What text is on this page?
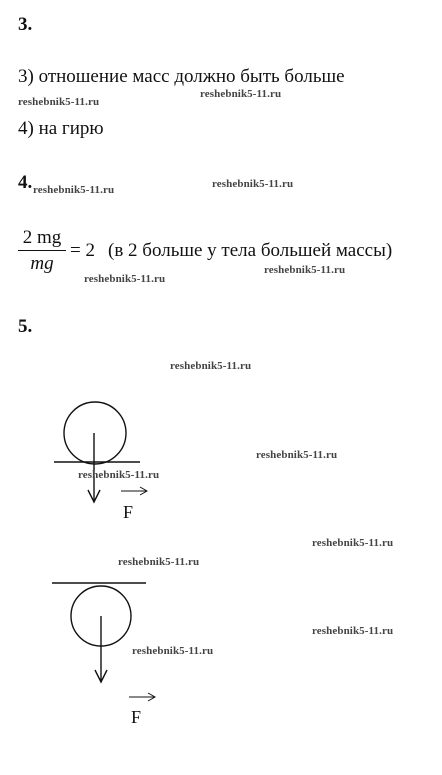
3.
3) отношение масс должно быть больше
4) на гирю
4.
2 mg
mg
= 2 (в 2 больше у тела большей массы)
5.
F
F
reshebnik5-11.ru
reshebnik5-11.ru
reshebnik5-11.ru	reshebnik5-11.ru
reshebnik5-11.ru
reshebnik5-11.ru
reshebnik5-11.ru
reshebnik5-11.ru
reshebnik5-11.ru
reshebnik5-11.ru
reshebnik5-11.ru
reshebnik5-11.ru
reshebnik5-11.ru
